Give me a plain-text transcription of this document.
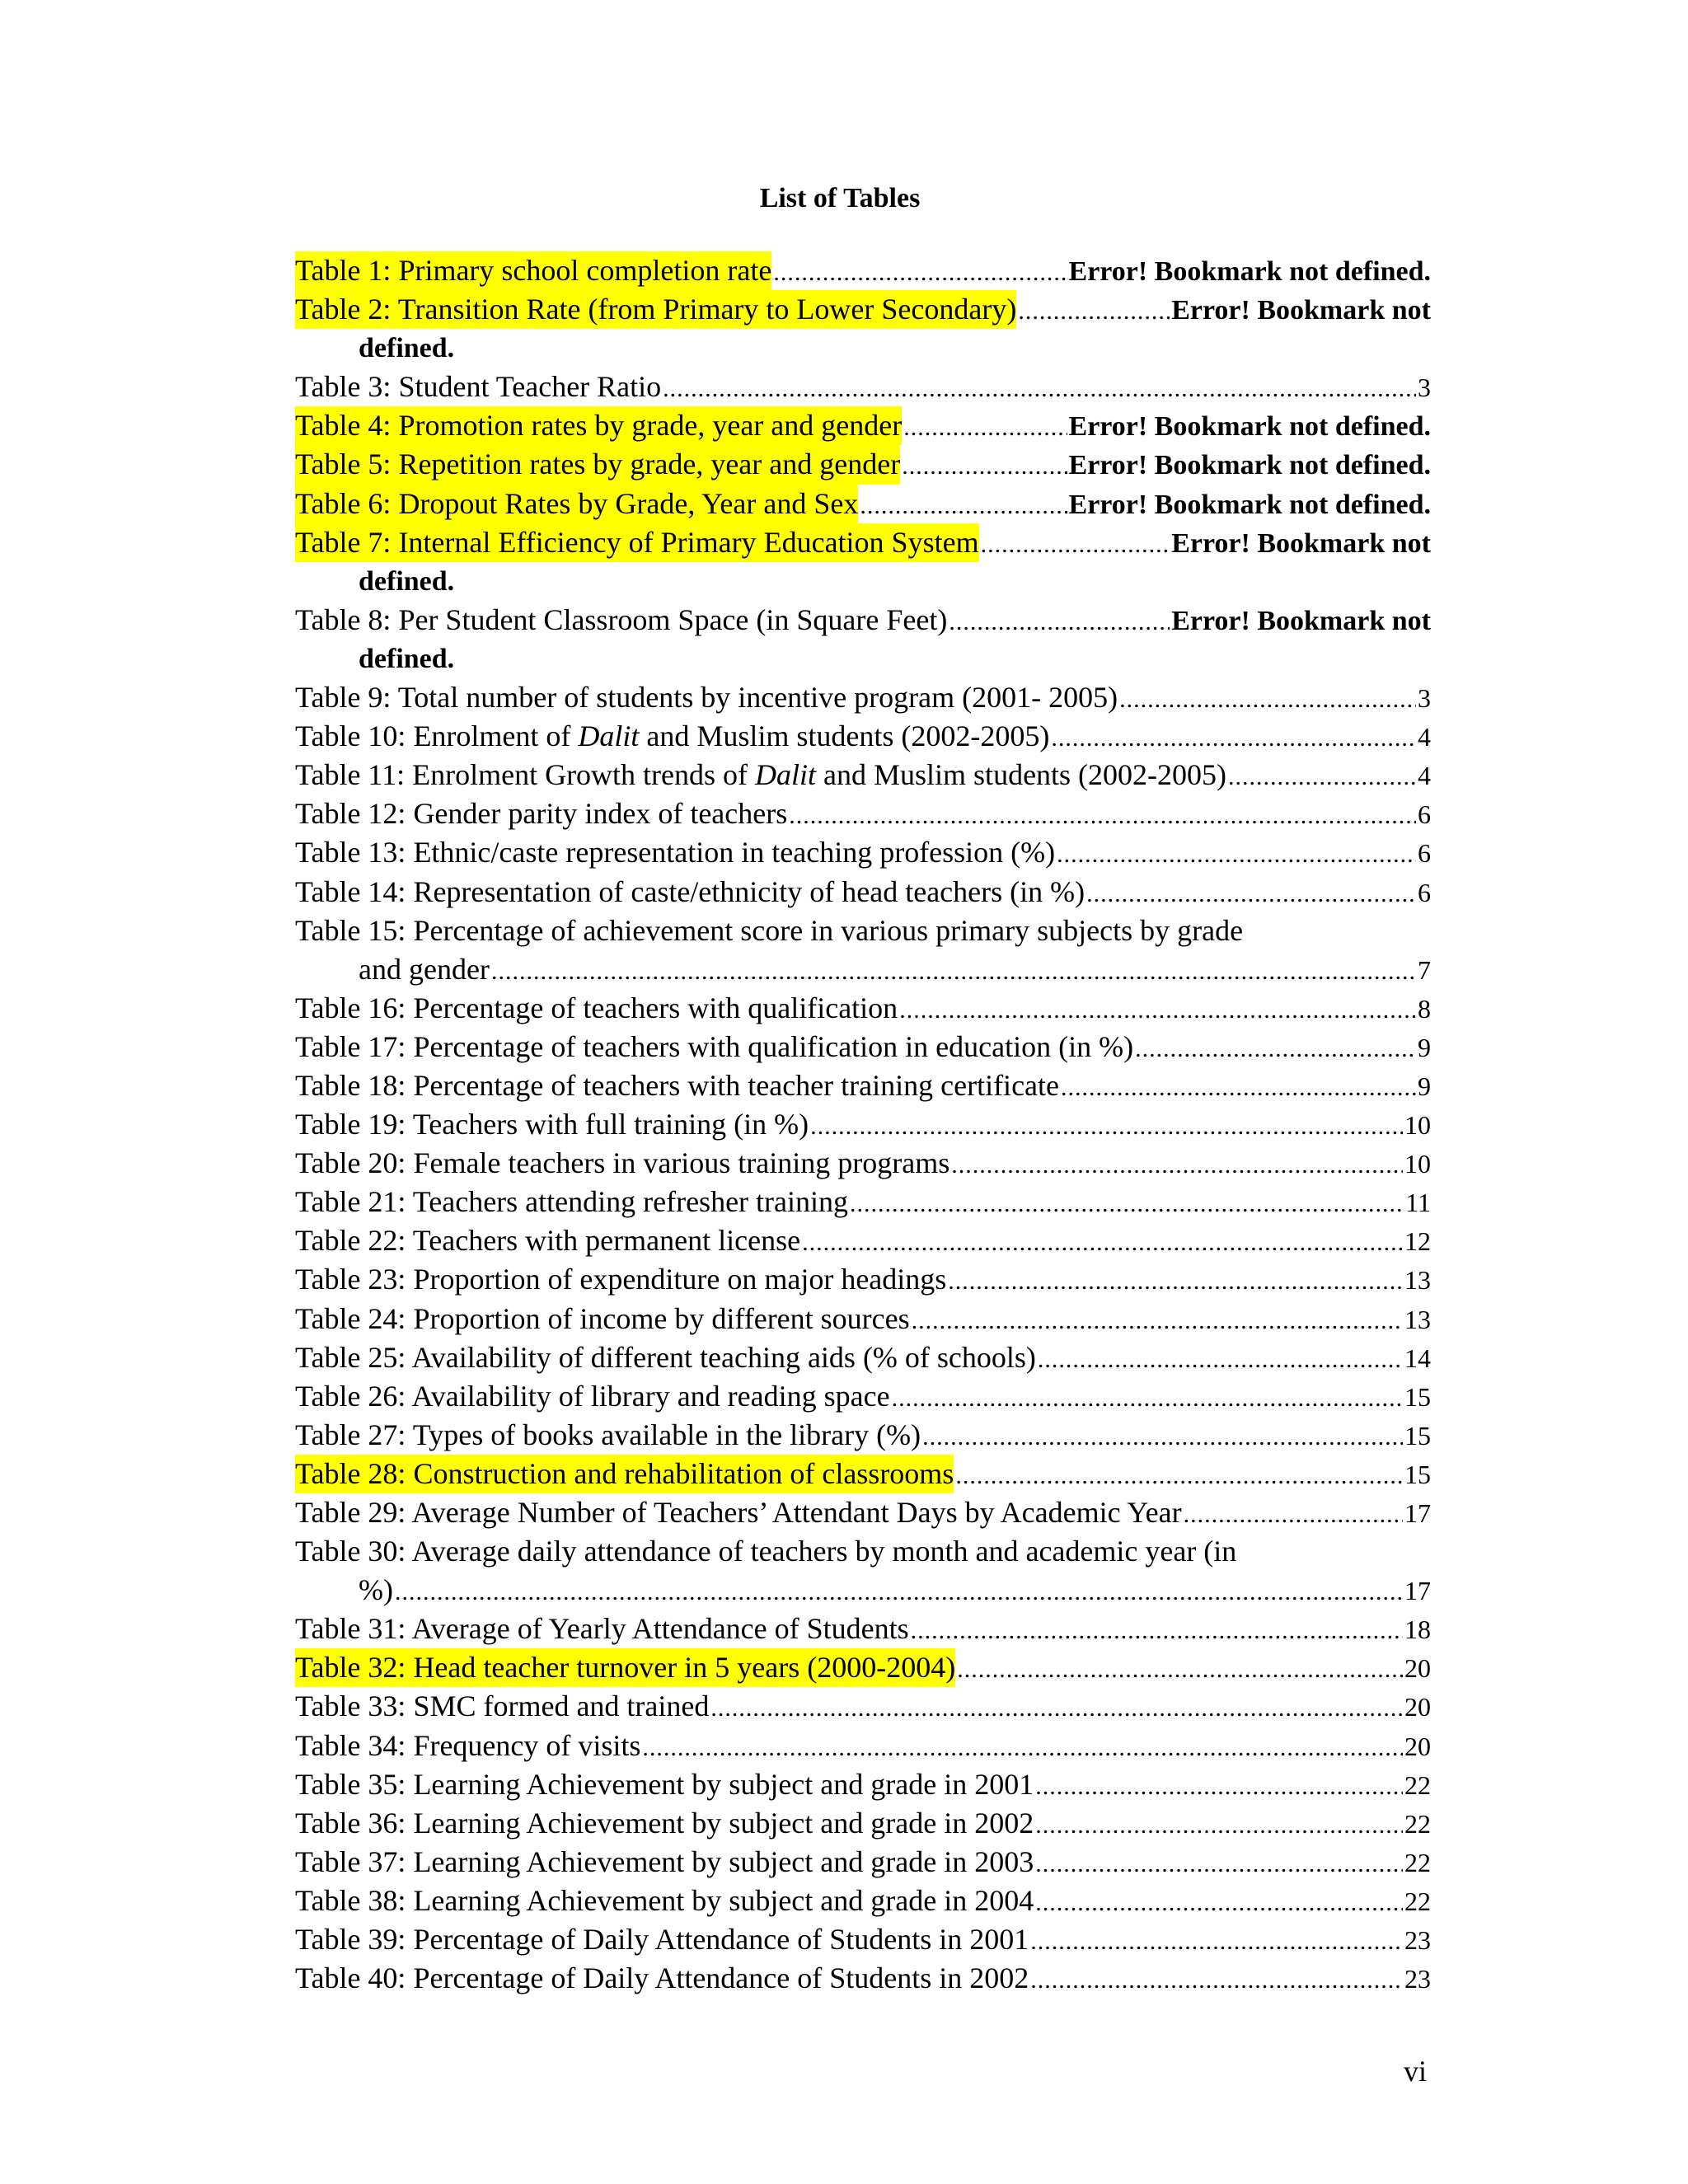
List of Tables
Table 1: Primary school completion rate .....	Error! Bookmark not defined.
Table 2: Transition Rate (from Primary to Lower Secondary) .....	Error! Bookmark not
defined.
Table 3: Student Teacher Ratio .....	3
Table 4: Promotion rates by grade, year and gender .....	Error! Bookmark not defined.
Table 5: Repetition rates by grade, year and gender .....	Error! Bookmark not defined.
Table 6: Dropout Rates by Grade, Year and Sex .....	Error! Bookmark not defined.
Table 7: Internal Efficiency of Primary Education System .....	Error! Bookmark not
defined.
Table 8: Per Student Classroom Space (in Square Feet) .....	Error! Bookmark not
defined.
Table 9: Total number of students by incentive program (2001- 2005) .....	3
Table 10: Enrolment of Dalit and Muslim students (2002-2005) .....	4
Table 11: Enrolment Growth trends of Dalit and Muslim students (2002-2005) .....	4
Table 12: Gender parity index of teachers .....	6
Table 13: Ethnic/caste representation in teaching profession (%) .....	6
Table 14: Representation of caste/ethnicity of head teachers (in %) .....	6
Table 15: Percentage of achievement score in various primary subjects by grade
and gender .....	7
Table 16: Percentage of teachers with qualification .....	8
Table 17: Percentage of teachers with qualification in education (in %) .....	9
Table 18: Percentage of teachers with teacher training certificate .....	9
Table 19: Teachers with full training (in %) .....	10
Table 20: Female teachers in various training programs .....	10
Table 21: Teachers attending refresher training .....	11
Table 22: Teachers with permanent license .....	12
Table 23: Proportion of expenditure on major headings .....	13
Table 24: Proportion of income by different sources .....	13
Table 25: Availability of different teaching aids (% of schools) .....	14
Table 26: Availability of library and reading space .....	15
Table 27: Types of books available in the library (%) .....	15
Table 28: Construction and rehabilitation of classrooms .....	15
Table 29: Average Number of Teachers’ Attendant Days by Academic Year .....	17
Table 30: Average daily attendance of teachers by month and academic year (in
%) .....	17
Table 31: Average of Yearly Attendance of Students .....	18
Table 32: Head teacher turnover in 5 years (2000-2004) .....	20
Table 33: SMC formed and trained .....	20
Table 34: Frequency of visits .....	20
Table 35: Learning Achievement by subject and grade in 2001 .....	22
Table 36: Learning Achievement by subject and grade in 2002 .....	22
Table 37: Learning Achievement by subject and grade in 2003 .....	22
Table 38: Learning Achievement by subject and grade in 2004 .....	22
Table 39: Percentage of Daily Attendance of Students in 2001 .....	23
Table 40: Percentage of Daily Attendance of Students in 2002 .....	23
vi
